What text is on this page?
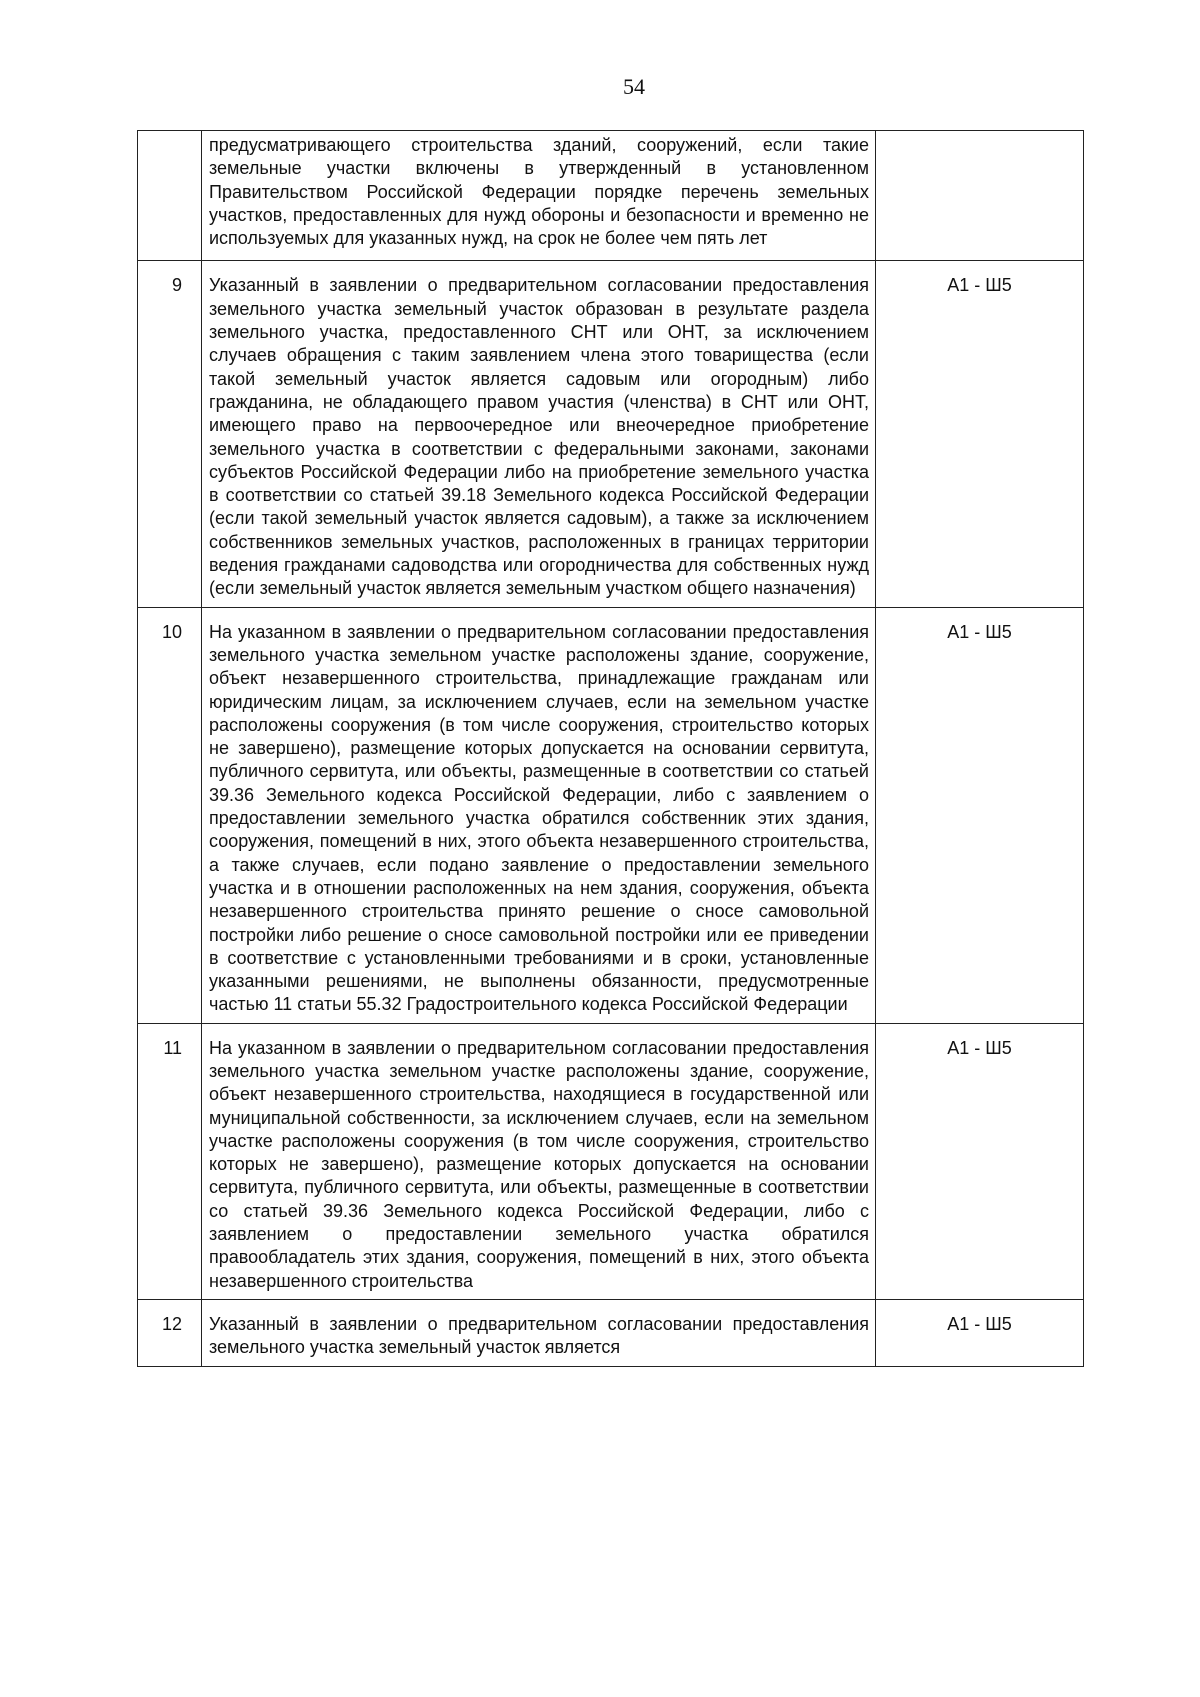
54
	предусматривающего строительства зданий, сооружений, если такие земельные участки включены в утвержденный в установленном Правительством Российской Федерации порядке перечень земельных участков, предоставленных для нужд обороны и безопасности и временно не используемых для указанных нужд, на срок не более чем пять лет	
9	Указанный в заявлении о предварительном согласовании предоставления земельного участка земельный участок образован в результате раздела земельного участка, предоставленного СНТ или ОНТ, за исключением случаев обращения с таким заявлением члена этого товарищества (если такой земельный участок является садовым или огородным) либо гражданина, не обладающего правом участия (членства) в СНТ или ОНТ, имеющего право на первоочередное или внеочередное приобретение земельного участка в соответствии с федеральными законами, законами субъектов Российской Федерации либо на приобретение земельного участка в соответствии со статьей 39.18 Земельного кодекса Российской Федерации (если такой земельный участок является садовым), а также за исключением собственников земельных участков, расположенных в границах территории ведения гражданами садоводства или огородничества для собственных нужд (если земельный участок является земельным участком общего назначения)	А1 - Ш5
10	На указанном в заявлении о предварительном согласовании предоставления земельного участка земельном участке расположены здание, сооружение, объект незавершенного строительства, принадлежащие гражданам или юридическим лицам, за исключением случаев, если на земельном участке расположены сооружения (в том числе сооружения, строительство которых не завершено), размещение которых допускается на основании сервитута, публичного сервитута, или объекты, размещенные в соответствии со статьей 39.36 Земельного кодекса Российской Федерации, либо с заявлением о предоставлении земельного участка обратился собственник этих здания, сооружения, помещений в них, этого объекта незавершенного строительства, а также случаев, если подано заявление о предоставлении земельного участка и в отношении расположенных на нем здания, сооружения, объекта незавершенного строительства принято решение о сносе самовольной постройки либо решение о сносе самовольной постройки или ее приведении в соответствие с установленными требованиями и в сроки, установленные указанными решениями, не выполнены обязанности, предусмотренные частью 11 статьи 55.32 Градостроительного кодекса Российской Федерации	А1 - Ш5
11	На указанном в заявлении о предварительном согласовании предоставления земельного участка земельном участке расположены здание, сооружение, объект незавершенного строительства, находящиеся в государственной или муниципальной собственности, за исключением случаев, если на земельном участке расположены сооружения (в том числе сооружения, строительство которых не завершено), размещение которых допускается на основании сервитута, публичного сервитута, или объекты, размещенные в соответствии со статьей 39.36 Земельного кодекса Российской Федерации, либо с заявлением о предоставлении земельного участка обратился правообладатель этих здания, сооружения, помещений в них, этого объекта незавершенного строительства	А1 - Ш5
12	Указанный в заявлении о предварительном согласовании предоставления земельного участка земельный участок является	А1 - Ш5
